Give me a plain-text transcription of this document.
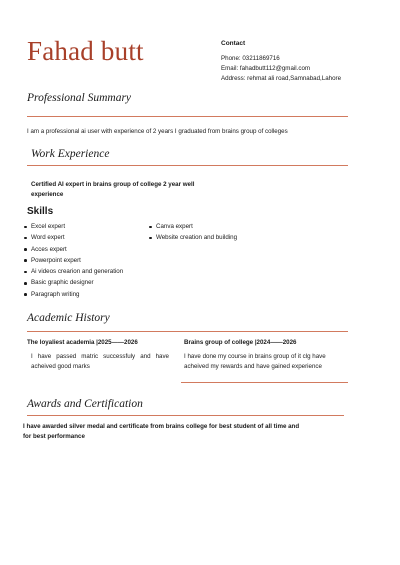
Fahad butt	Contact
Phone: 03211869716
Email: fahadbutt112@gmail.com
Address: rehmat ali road,Samnabad,Lahore
Professional Summary
I am a professional ai user with experience of 2 years I graduated from brains group of colleges
Work Experience
Certified AI expert in brains group of college 2 year well
experience
Skills
Excel expert
Word expert
Acces expert
Powerpoint expert
Ai videos crearion and generation
Basic graphic designer
Paragraph writing
Canva expert
Website creation and building
Academic History
The loyaliest academia |2025——2026
I have passed matric successfuly and have acheived good marks
Brains group of college |2024——2026
I have done my course in brains group of it clg have acheived my rewards and have gained experience
Awards and Certification
I have awarded silver medal and certificate from brains college for best student of all time and
for best performance
